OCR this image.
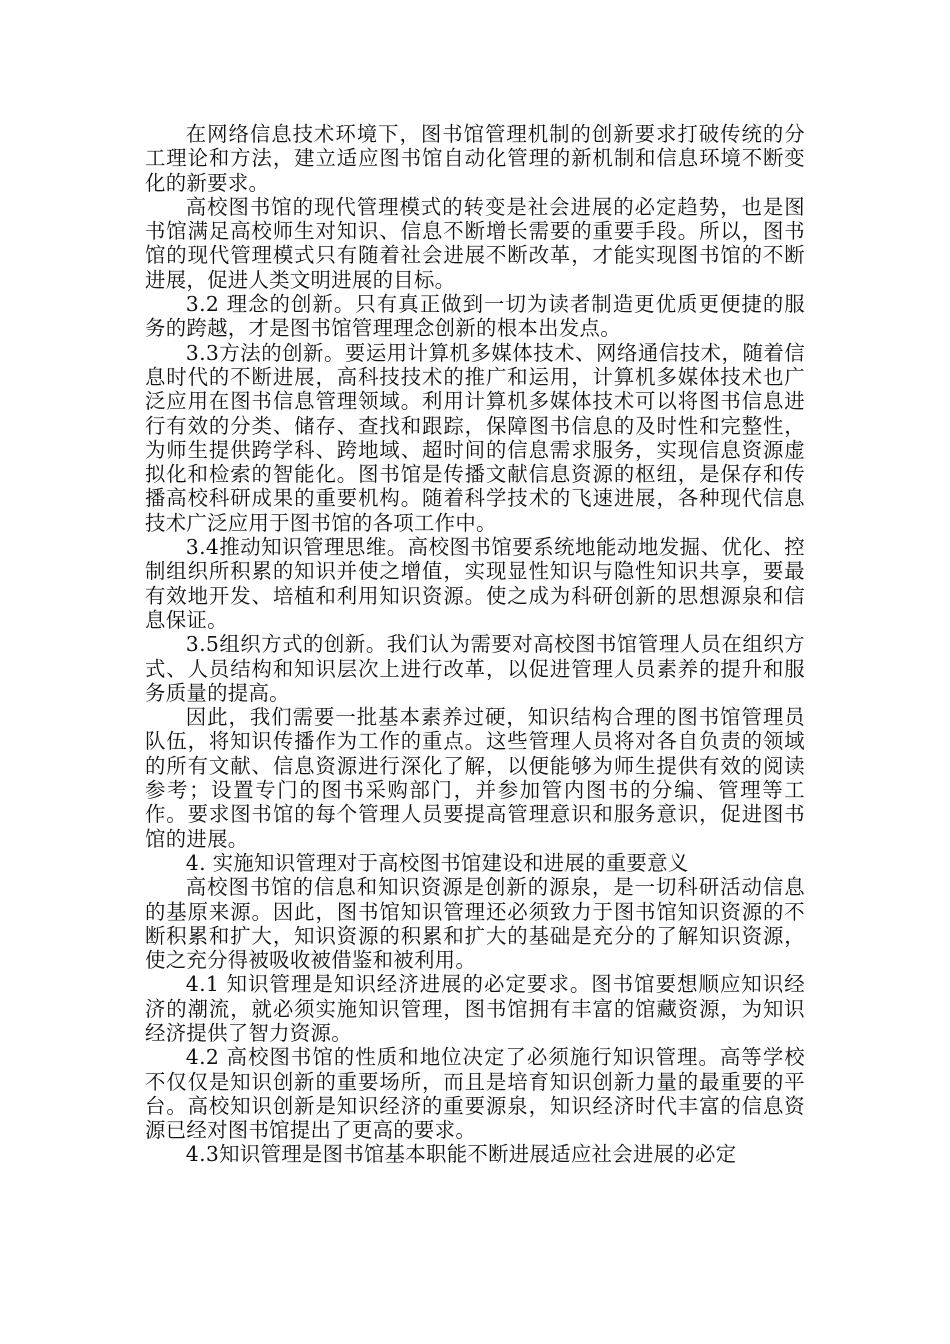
在网络信息技术环境下，图书馆管理机制的创新要求打破传统的分工理论和方法，建立适应图书馆自动化管理的新机制和信息环境不断变化的新要求。

高校图书馆的现代管理模式的转变是社会进展的必定趋势，也是图书馆满足高校师生对知识、信息不断增长需要的重要手段。所以，图书馆的现代管理模式只有随着社会进展不断改革，才能实现图书馆的不断进展，促进人类文明进展的目标。

3.2 理念的创新。只有真正做到一切为读者制造更优质更便捷的服务的跨越，才是图书馆管理理念创新的根本出发点。

3.3方法的创新。要运用计算机多媒体技术、网络通信技术，随着信息时代的不断进展，高科技技术的推广和运用，计算机多媒体技术也广泛应用在图书信息管理领域。利用计算机多媒体技术可以将图书信息进行有效的分类、储存、查找和跟踪，保障图书信息的及时性和完整性，为师生提供跨学科、跨地域、超时间的信息需求服务，实现信息资源虚拟化和检索的智能化。图书馆是传播文献信息资源的枢纽，是保存和传播高校科研成果的重要机构。随着科学技术的飞速进展，各种现代信息技术广泛应用于图书馆的各项工作中。

3.4推动知识管理思维。高校图书馆要系统地能动地发掘、优化、控制组织所积累的知识并使之增值，实现显性知识与隐性知识共享，要最有效地开发、培植和利用知识资源。使之成为科研创新的思想源泉和信息保证。

3.5组织方式的创新。我们认为需要对高校图书馆管理人员在组织方式、人员结构和知识层次上进行改革，以促进管理人员素养的提升和服务质量的提高。

因此，我们需要一批基本素养过硬，知识结构合理的图书馆管理员队伍，将知识传播作为工作的重点。这些管理人员将对各自负责的领域的所有文献、信息资源进行深化了解，以便能够为师生提供有效的阅读参考；设置专门的图书采购部门，并参加管内图书的分编、管理等工作。要求图书馆的每个管理人员要提高管理意识和服务意识，促进图书馆的进展。

4. 实施知识管理对于高校图书馆建设和进展的重要意义

高校图书馆的信息和知识资源是创新的源泉，是一切科研活动信息的基原来源。因此，图书馆知识管理还必须致力于图书馆知识资源的不断积累和扩大，知识资源的积累和扩大的基础是充分的了解知识资源，使之充分得被吸收被借鉴和被利用。

4.1 知识管理是知识经济进展的必定要求。图书馆要想顺应知识经济的潮流，就必须实施知识管理，图书馆拥有丰富的馆藏资源，为知识经济提供了智力资源。

4.2 高校图书馆的性质和地位决定了必须施行知识管理。高等学校不仅仅是知识创新的重要场所，而且是培育知识创新力量的最重要的平台。高校知识创新是知识经济的重要源泉，知识经济时代丰富的信息资源已经对图书馆提出了更高的要求。

4.3知识管理是图书馆基本职能不断进展适应社会进展的必定
